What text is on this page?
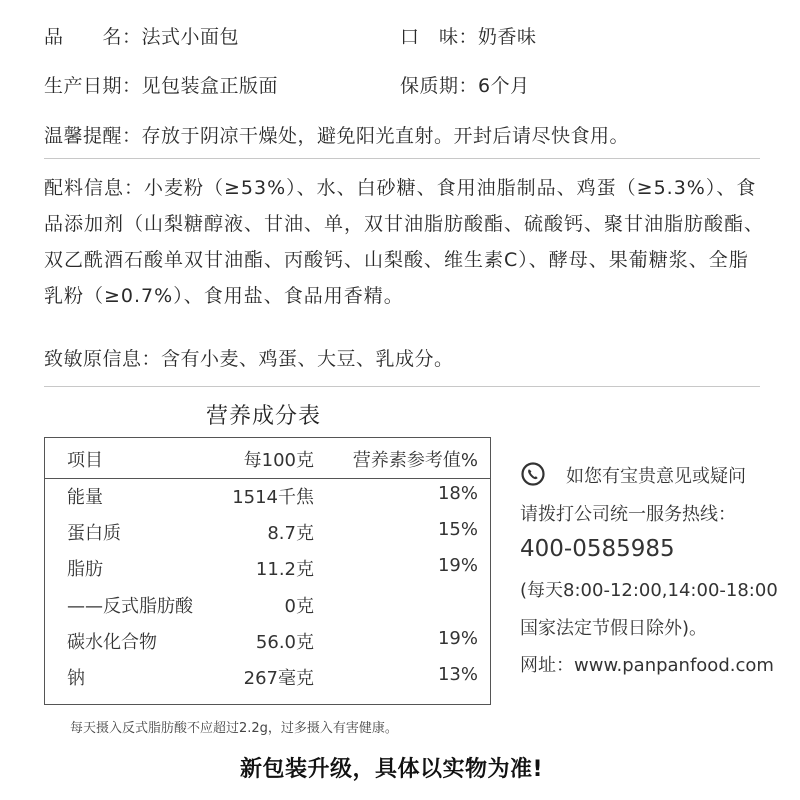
品　　名：法式小面包	口　味：奶香味
生产日期：见包装盒正版面	保质期：6个月
温馨提醒：存放于阴凉干燥处，避免阳光直射。开封后请尽快食用。
配料信息：小麦粉（≥53%）、水、白砂糖、食用油脂制品、鸡蛋（≥5.3%）、食品添加剂（山梨糖醇液、甘油、单，双甘油脂肪酸酯、硫酸钙、聚甘油脂肪酸酯、双乙酰酒石酸单双甘油酯、丙酸钙、山梨酸、维生素C）、酵母、果葡糖浆、全脂乳粉（≥0.7%）、食用盐、食品用香精。
致敏原信息：含有小麦、鸡蛋、大豆、乳成分。
营养成分表
项目	每100克 营养素参考值%
能量	1514千焦	18%
蛋白质	8.7克	15%
脂肪	11.2克	19%
——反式脂肪酸	0克
碳水化合物	56.0克	19%
钠	267毫克	13%
每天摄入反式脂肪酸不应超过2.2g，过多摄入有害健康。
如您有宝贵意见或疑问
请拨打公司统一服务热线：
400-0585985
(每天8:00-12:00,14:00-18:00
国家法定节假日除外)。
网址：www.panpanfood.com
新包装升级，具体以实物为准!
